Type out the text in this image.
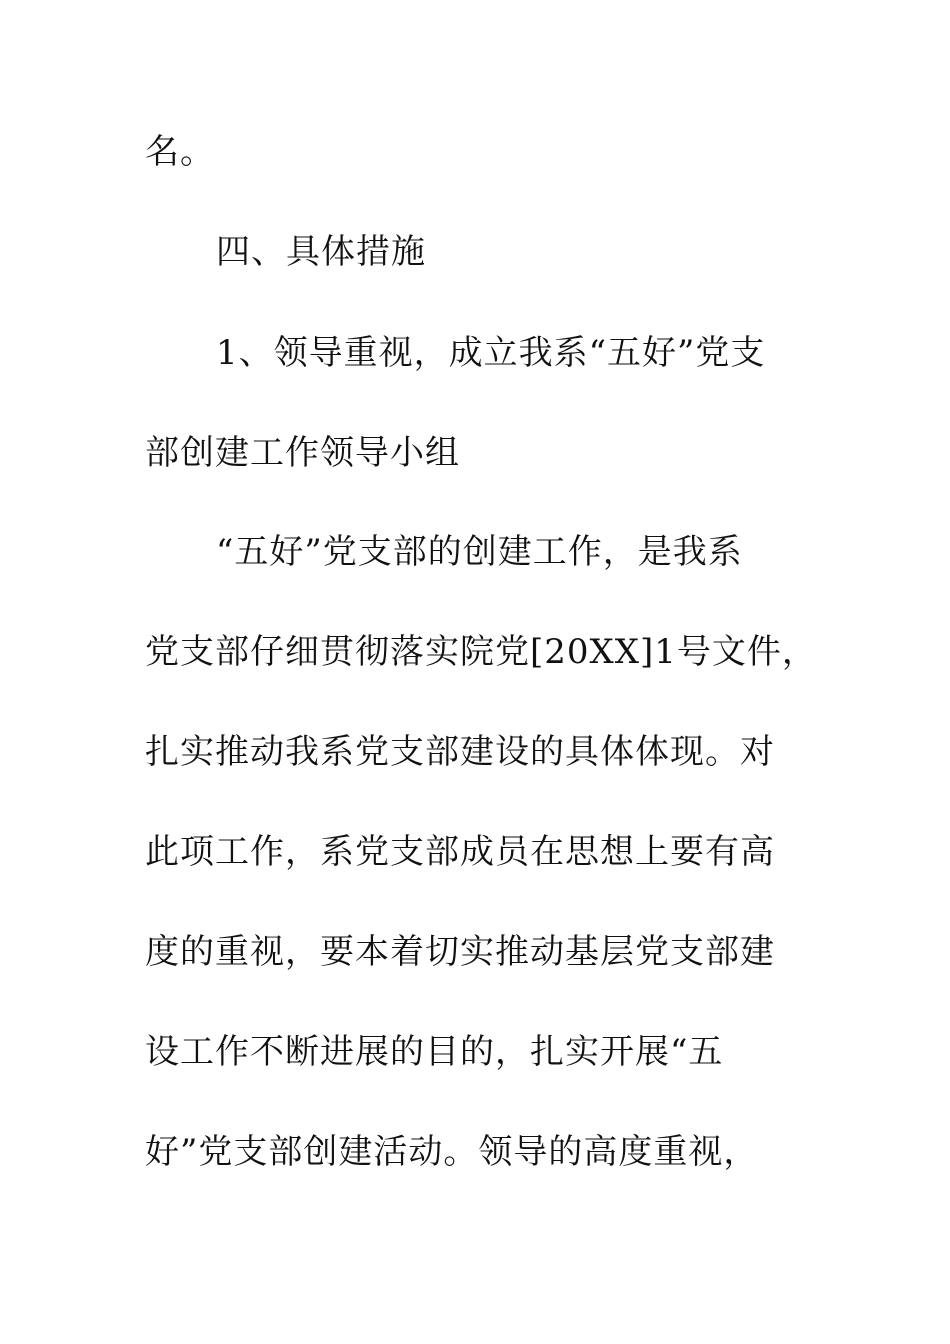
名。
四、具体措施
1、领导重视，成立我系“五好”党支
部创建工作领导小组
“五好”党支部的创建工作，是我系
党支部仔细贯彻落实院党[20XX]1号文件，
扎实推动我系党支部建设的具体体现。对
此项工作，系党支部成员在思想上要有高
度的重视，要本着切实推动基层党支部建
设工作不断进展的目的，扎实开展“五
好”党支部创建活动。领导的高度重视，
